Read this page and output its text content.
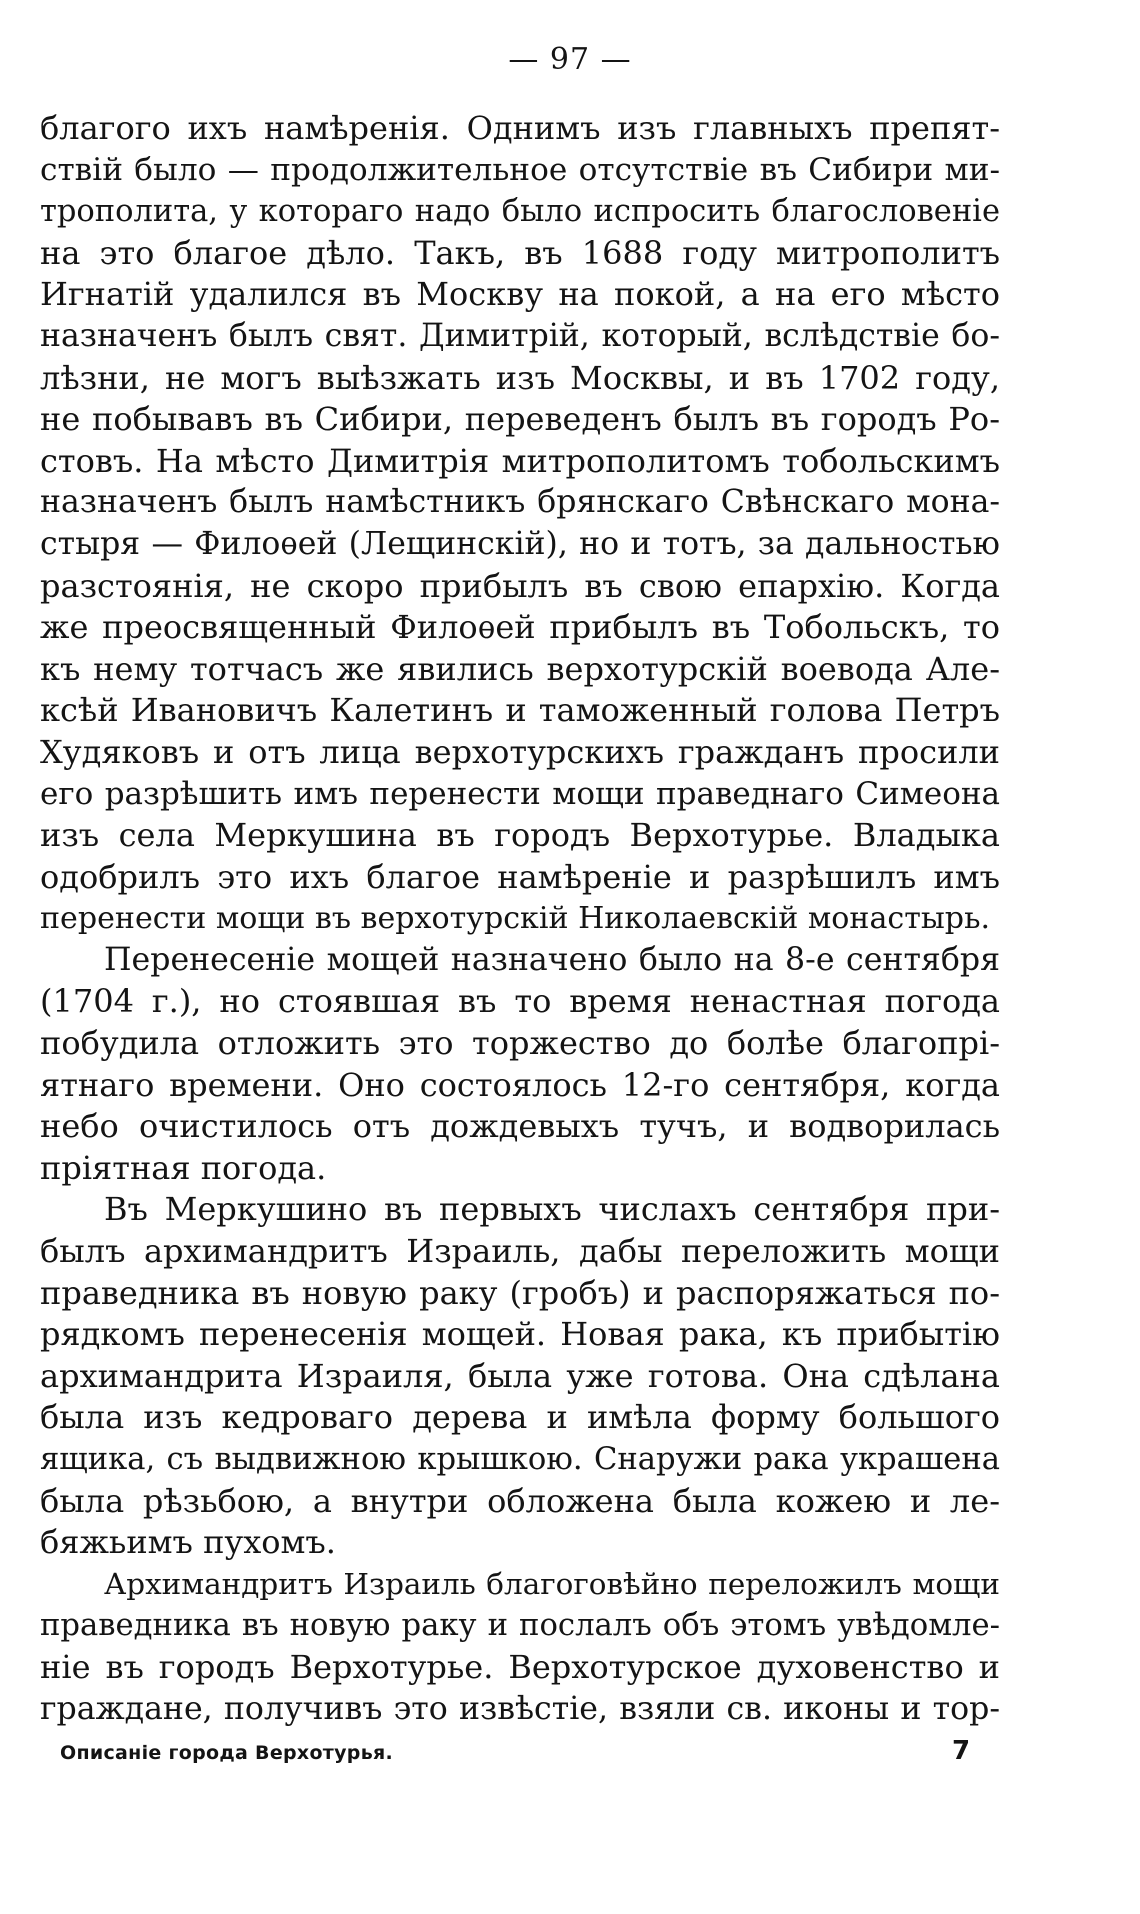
— 97 —
благого ихъ намѣренія. Однимъ изъ главныхъ препят-
ствій было — продолжительное отсутствіе въ Сибири ми-
трополита, у котораго надо было испросить благословеніе
на это благое дѣло. Такъ, въ 1688 году митрополитъ
Игнатій удалился въ Москву на покой, а на его мѣсто
назначенъ былъ свят. Димитрій, который, вслѣдствіе бо-
лѣзни, не могъ выѣзжать изъ Москвы, и въ 1702 году,
не побывавъ въ Сибири, переведенъ былъ въ городъ Ро-
стовъ. На мѣсто Димитрія митрополитомъ тобольскимъ
назначенъ былъ намѣстникъ брянскаго Свѣнскаго мона-
стыря — Филоѳей (Лещинскій), но и тотъ, за дальностью
разстоянія, не скоро прибылъ въ свою епархію. Когда
же преосвященный Филоѳей прибылъ въ Тобольскъ, то
къ нему тотчасъ же явились верхотурскій воевода Але-
ксѣй Ивановичъ Калетинъ и таможенный голова Петръ
Худяковъ и отъ лица верхотурскихъ гражданъ просили
его разрѣшить имъ перенести мощи праведнаго Симеона
изъ села Меркушина въ городъ Верхотурье. Владыка
одобрилъ это ихъ благое намѣреніе и разрѣшилъ имъ
перенести мощи въ верхотурскій Николаевскій монастырь.
Перенесеніе мощей назначено было на 8-е сентября
(1704 г.), но стоявшая въ то время ненастная погода
побудила отложить это торжество до болѣе благопрі-
ятнаго времени. Оно состоялось 12-го сентября, когда
небо очистилось отъ дождевыхъ тучъ, и водворилась
пріятная погода.
Въ Меркушино въ первыхъ числахъ сентября при-
былъ архимандритъ Израиль, дабы переложить мощи
праведника въ новую раку (гробъ) и распоряжаться по-
рядкомъ перенесенія мощей. Новая рака, къ прибытію
архимандрита Израиля, была уже готова. Она сдѣлана
была изъ кедроваго дерева и имѣла форму большого
ящика, съ выдвижною крышкою. Снаружи рака украшена
была рѣзьбою, а внутри обложена была кожею и ле-
бяжьимъ пухомъ.
Архимандритъ Израиль благоговѣйно переложилъ мощи
праведника въ новую раку и послалъ объ этомъ увѣдомле-
ніе въ городъ Верхотурье. Верхотурское духовенство и
граждане, получивъ это извѣстіе, взяли св. иконы и тор-
Описаніе города Верхотурья.	7
